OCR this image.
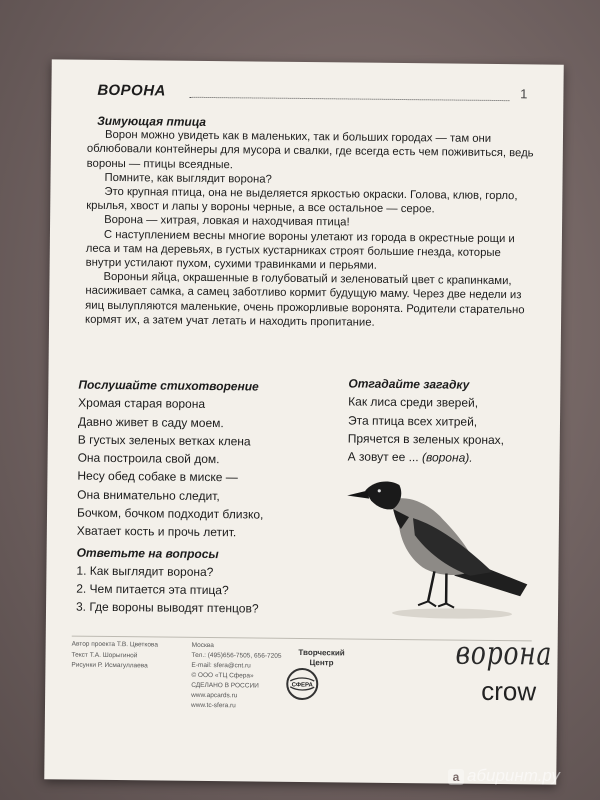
ВОРОНА	1
Зимующая птица

Ворон можно увидеть как в маленьких, так и больших городах — там они облюбовали контейнеры для мусора и свалки, где всегда есть чем поживиться, ведь вороны — птицы всеядные.

Помните, как выглядит ворона?

Это крупная птица, она не выделяется яркостью окраски. Голова, клюв, горло, крылья, хвост и лапы у вороны черные, а все остальное — серое.

Ворона — хитрая, ловкая и находчивая птица!

С наступлением весны многие вороны улетают из города в окрестные рощи и леса и там на деревьях, в густых кустарниках строят большие гнезда, которые внутри устилают пухом, сухими травинками и перьями.

Вороньи яйца, окрашенные в голубоватый и зеленоватый цвет с крапинками, насиживает самка, а самец заботливо кормит будущую маму. Через две недели из яиц вылупляются маленькие, очень прожорливые воронята. Родители старательно кормят их, а затем учат летать и находить пропитание.

Послушайте стихотворение
Хромая старая ворона
Давно живет в саду моем.
В густых зеленых ветках клена
Она построила свой дом.
Несу обед собаке в миске —
Она внимательно следит,
Бочком, бочком подходит близко,
Хватает кость и прочь летит.
Отгадайте загадку
Как лиса среди зверей,
Эта птица всех хитрей,
Прячется в зеленых кронах,
А зовут ее ... (ворона).
Ответьте на вопросы
1. Как выглядит ворона?
2. Чем питается эта птица?
3. Где вороны выводят птенцов?
ворона
crow
Автор проекта Т.В. Цветкова
Текст Т.А. Шорыгиной
Рисунки Р. Исмагуллаева
Москва
Тел.: (495)656-7505, 656-7205
E-mail: sfera@cnt.ru
© ООО «ТЦ Сфера»
СДЕЛАНО В РОССИИ
www.apcards.ru
www.tc-sfera.ru
Творческий
Центр
СФЕРА
а абиринт.ру
